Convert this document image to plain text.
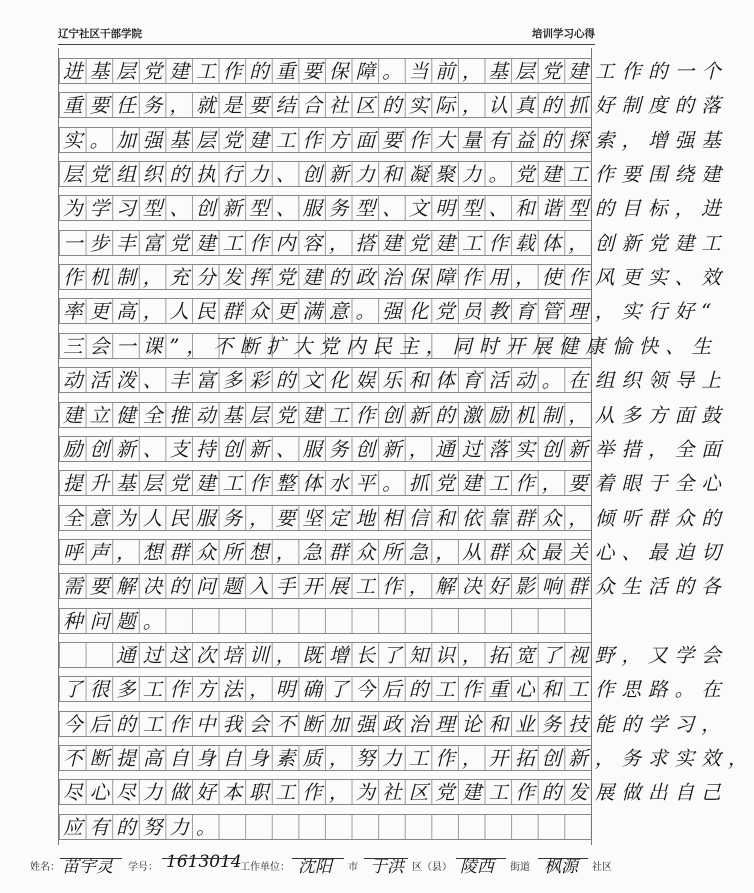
辽宁社区干部学院	培训学习心得
进基层党建工作的重要保障。当前，基层党建工作的一个
重要任务，就是要结合社区的实际，认真的抓好制度的落
实。加强基层党建工作方面要作大量有益的探索，增强基
层党组织的执行力、创新力和凝聚力。党建工作要围绕建
为学习型、创新型、服务型、文明型、和谐型的目标，进
一步丰富党建工作内容，搭建党建工作载体，创新党建工
作机制，充分发挥党建的政治保障作用，使作风更实、效
率更高，人民群众更满意。强化党员教育管理，实行好“
三会一课”，不断扩大党内民主，同时开展健康愉快、生
动活泼、丰富多彩的文化娱乐和体育活动。在组织领导上
建立健全推动基层党建工作创新的激励机制，从多方面鼓
励创新、支持创新、服务创新，通过落实创新举措，全面
提升基层党建工作整体水平。抓党建工作，要着眼于全心
全意为人民服务，要坚定地相信和依靠群众，倾听群众的
呼声，想群众所想，急群众所急，从群众最关心、最迫切
需要解决的问题入手开展工作，解决好影响群众生活的各
种问题。
　　通过这次培训，既增长了知识，拓宽了视野，又学会
了很多工作方法，明确了今后的工作重心和工作思路。在
今后的工作中我会不断加强政治理论和业务技能的学习，
不断提高自身自身素质，努力工作，开拓创新，务求实效，
尽心尽力做好本职工作，为社区党建工作的发展做出自己
应有的努力。
姓名： 苗宇灵 学号： 1613014
工作单位： 沈阳 市 于洪 区（县） 陵西 街道 枫源 社区
